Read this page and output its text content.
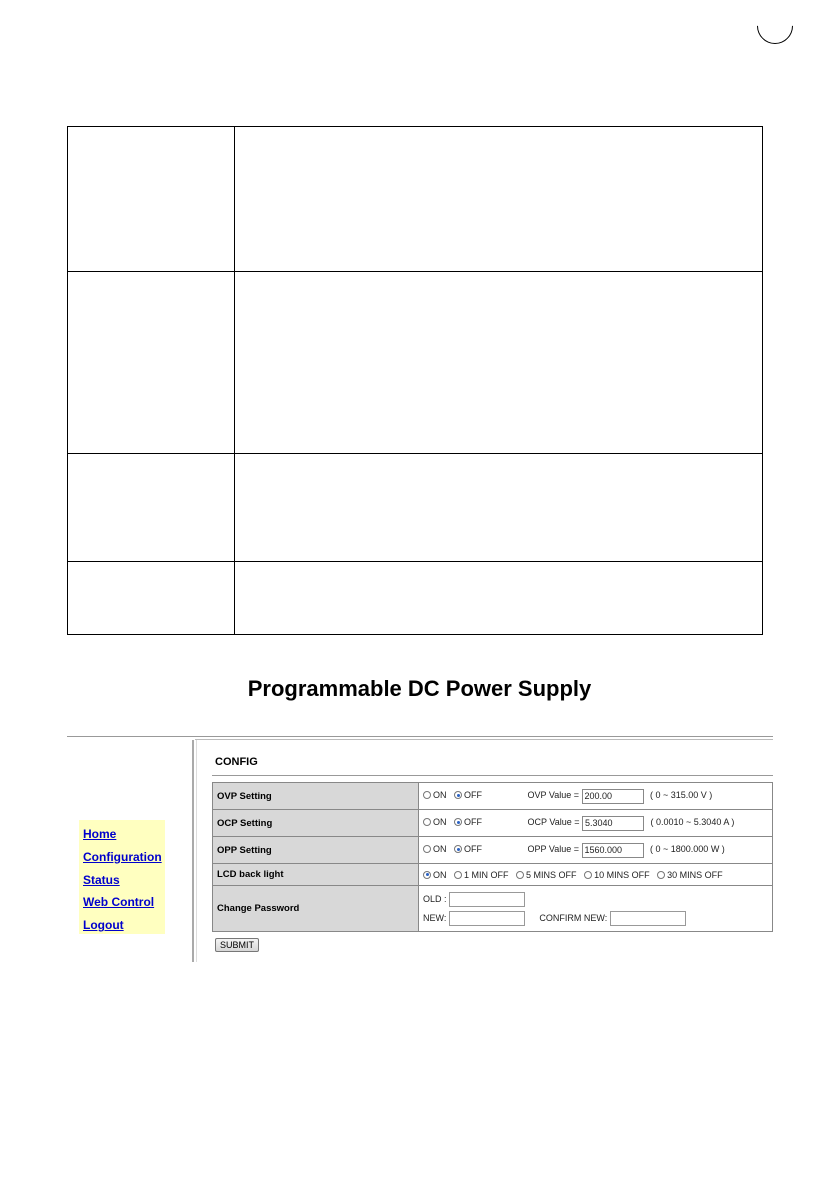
Programmable DC Power Supply
Home
Configuration
Status
Web Control
Logout
CONFIG
OVP Setting	ON OFF OVP Value = 200.00 ( 0 ~ 315.00 V )
OCP Setting	ON OFF OCP Value = 5.3040 ( 0.0010 ~ 5.3040 A )
OPP Setting	ON OFF OPP Value = 1560.000 ( 0 ~ 1800.000 W )
LCD back light	ON 1 MIN OFF 5 MINS OFF 10 MINS OFF 30 MINS OFF
Change Password	OLD :
NEW: CONFIRM NEW:
SUBMIT
